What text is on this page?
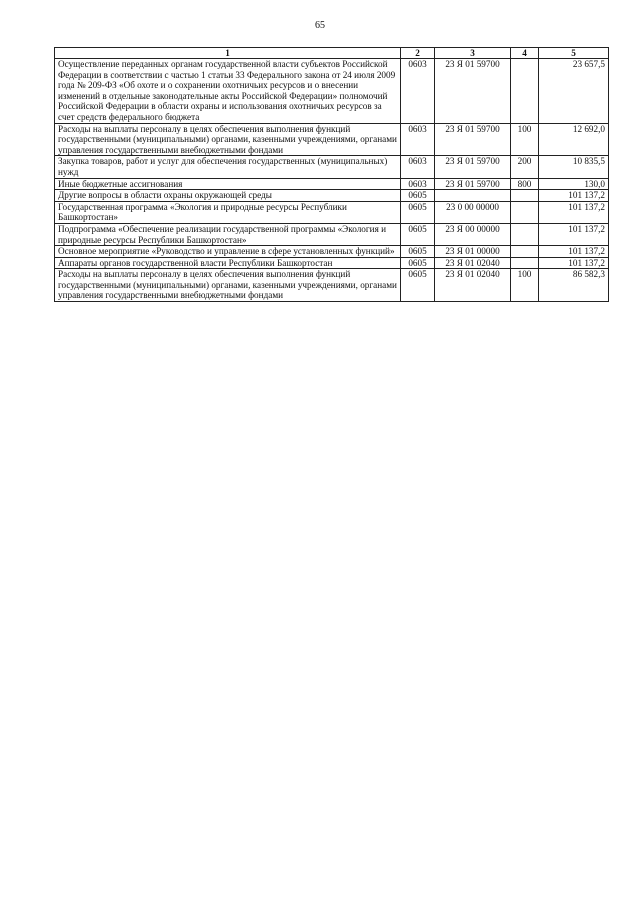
65
1	2	3	4	5
Осуществление переданных органам государственной власти субъектов Российской Федерации в соответствии с частью 1 статьи 33 Федерального закона от 24 июля 2009 года № 209-ФЗ «Об охоте и о сохранении охотничьих ресурсов и о внесении изменений в отдельные законодательные акты Российской Федерации» полномочий Российской Федерации в области охраны и использования охотничьих ресурсов за счет средств федерального бюджета	0603	23 Я 01 59700		23 657,5
Расходы на выплаты персоналу в целях обеспечения выполнения функций государственными (муниципальными) органами, казенными учреждениями, органами управления государственными внебюджетными фондами	0603	23 Я 01 59700	100	12 692,0
Закупка товаров, работ и услуг для обеспечения государственных (муниципальных) нужд	0603	23 Я 01 59700	200	10 835,5
Иные бюджетные ассигнования	0603	23 Я 01 59700	800	130,0
Другие вопросы в области охраны окружающей среды	0605			101 137,2
Государственная программа «Экология и природные ресурсы Республики Башкортостан»	0605	23 0 00 00000		101 137,2
Подпрограмма «Обеспечение реализации государственной программы «Экология и природные ресурсы Республики Башкортостан»	0605	23 Я 00 00000		101 137,2
Основное мероприятие «Руководство и управление в сфере установленных функций»	0605	23 Я 01 00000		101 137,2
Аппараты органов государственной власти Республики Башкортостан	0605	23 Я 01 02040		101 137,2
Расходы на выплаты персоналу в целях обеспечения выполнения функций государственными (муниципальными) органами, казенными учреждениями, органами управления государственными внебюджетными фондами	0605	23 Я 01 02040	100	86 582,3
